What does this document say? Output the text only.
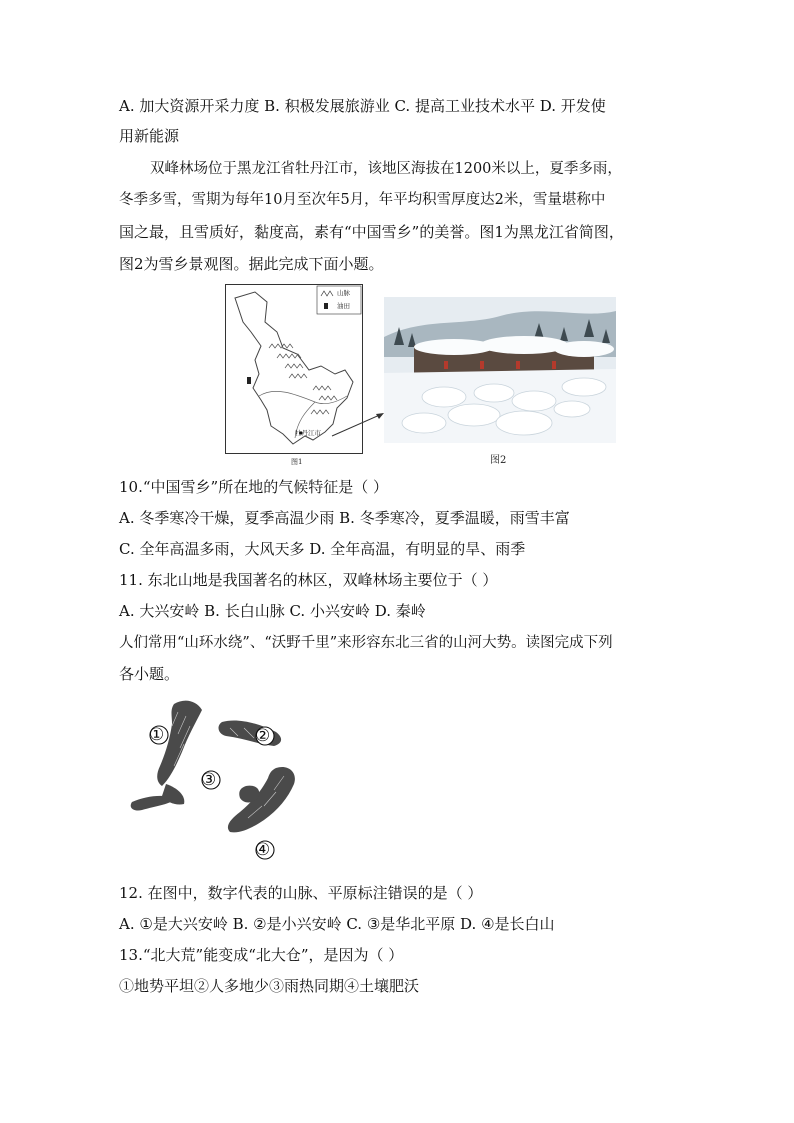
A. 加大资源开采力度 B. 积极发展旅游业 C. 提高工业技术水平 D. 开发使
用新能源
双峰林场位于黑龙江省牡丹江市，该地区海拔在1200米以上，夏季多雨，
冬季多雪，雪期为每年10月至次年5月，年平均积雪厚度达2米，雪量堪称中
国之最，且雪质好，黏度高，素有“中国雪乡”的美誉。图1为黑龙江省简图，
图2为雪乡景观图。据此完成下面小题。
山脉
油田
牡丹江市
图1	图2
10.“中国雪乡”所在地的气候特征是（ ）
A. 冬季寒冷干燥，夏季高温少雨 B. 冬季寒冷，夏季温暖，雨雪丰富
C. 全年高温多雨，大风天多 D. 全年高温，有明显的旱、雨季
11. 东北山地是我国著名的林区，双峰林场主要位于（ ）
A. 大兴安岭 B. 长白山脉 C. 小兴安岭 D. 秦岭
人们常用“山环水绕”、“沃野千里”来形容东北三省的山河大势。读图完成下列
各小题。
①	②
③
④
12. 在图中，数字代表的山脉、平原标注错误的是（ ）
A. ①是大兴安岭 B. ②是小兴安岭 C. ③是华北平原 D. ④是长白山
13.“北大荒”能变成“北大仓”，是因为（ ）
①地势平坦②人多地少③雨热同期④土壤肥沃
